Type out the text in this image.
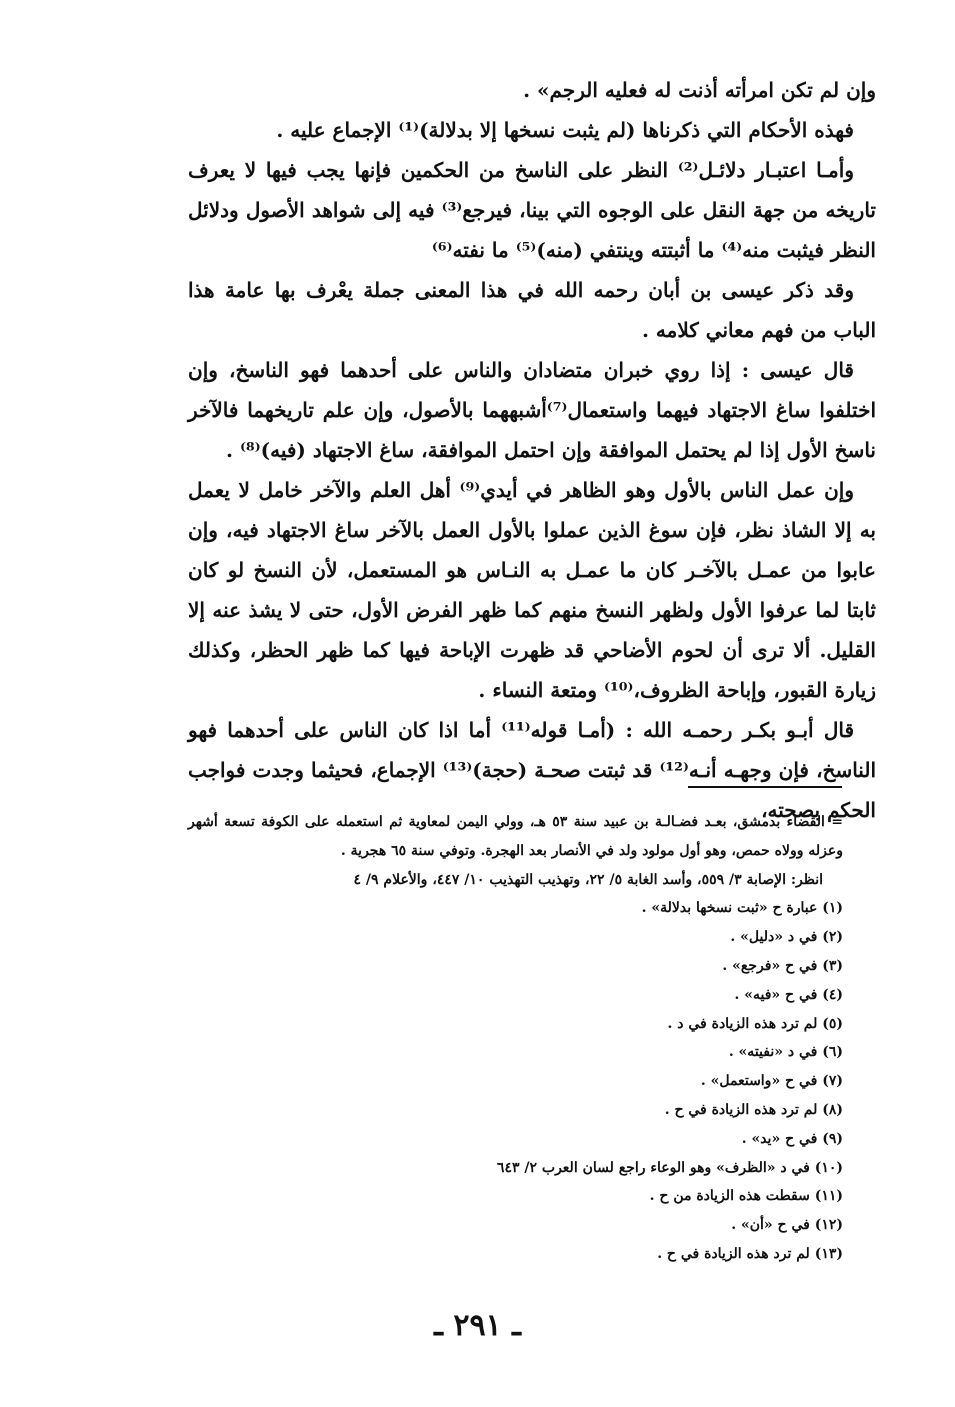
وإن لم تكن امرأته أذنت له فعليه الرجم» .

فهذه الأحكام التي ذكرناها (لم يثبت نسخها إلا بدلالة)⁽¹⁾ الإجماع عليه .

وأمـا اعتبـار دلائـل⁽²⁾ النظر على الناسخ من الحكمين فإنها يجب فيها لا يعرف تاريخه من جهة النقل على الوجوه التي بينا، فيرجع⁽³⁾ فيه إلى شواهد الأصول ودلائل النظر فيثبت منه⁽⁴⁾ ما أثبتته وينتفي (منه)⁽⁵⁾ ما نفته⁽⁶⁾

وقد ذكر عيسى بن أبان رحمه الله في هذا المعنى جملة يعْرف بها عامة هذا الباب من فهم معاني كلامه .

قال عيسى : إذا روي خبران متضادان والناس على أحدهما فهو الناسخ، وإن اختلفوا ساغ الاجتهاد فيهما واستعمال⁽⁷⁾أشبههما بالأصول، وإن علم تاريخهما فالآخر ناسخ الأول إذا لم يحتمل الموافقة وإن احتمل الموافقة، ساغ الاجتهاد (فيه)⁽⁸⁾ .

وإن عمل الناس بالأول وهو الظاهر في أيدي⁽⁹⁾ أهل العلم والآخر خامل لا يعمل به إلا الشاذ نظر، فإن سوغ الذين عملوا بالأول العمل بالآخر ساغ الاجتهاد فيه، وإن عابوا من عمـل بالآخـر كان ما عمـل به النـاس هو المستعمل، لأن النسخ لو كان ثابتا لما عرفوا الأول ولظهر النسخ منهم كما ظهر الفرض الأول، حتى لا يشذ عنه إلا القليل. ألا ترى أن لحوم الأضاحي قد ظهرت الإباحة فيها كما ظهر الحظر، وكذلك زيارة القبور، وإباحة الظروف،⁽¹⁰⁾ ومتعة النساء .

قال أبـو بكـر رحمـه الله : (أمـا قوله⁽¹¹⁾ أما اذا كان الناس على أحدهما فهو الناسخ، فإن وجهـه أنـه⁽¹²⁾ قد ثبتت صحـة (حجة)⁽¹³⁾ الإجماع، فحيثما وجدت فواجب الحكم بصحته،

= القضاء بدمشق، بعـد فضـالـة بن عبيد سنة ٥٣ هـ، وولي اليمن لمعاوية ثم استعمله على الكوفة تسعة أشهر وعزله وولاه حمص، وهو أول مولود ولد في الأنصار بعد الهجرة. وتوفي سنة ٦٥ هجرية .

انظر: الإصابة ٣/ ٥٥٩، وأسد الغابة ٥/ ٢٢، وتهذيب التهذيب ١٠/ ٤٤٧، والأعلام ٩/ ٤

(١) عبارة ح «ثبت نسخها بدلالة» .
(٢) في د «دليل» .
(٣) في ح «فرجع» .
(٤) في ح «فيه» .
(٥) لم ترد هذه الزيادة في د .
(٦) في د «نفيته» .
(٧) في ح «واستعمل» .
(٨) لم ترد هذه الزيادة في ح .
(٩) في ح «يد» .
(١٠) في د «الظرف» وهو الوعاء راجع لسان العرب ٢/ ٦٤٣
(١١) سقطت هذه الزيادة من ح .
(١٢) في ح «أن» .
(١٣) لم ترد هذه الزيادة في ح .
ـ ٢٩١ ـ
